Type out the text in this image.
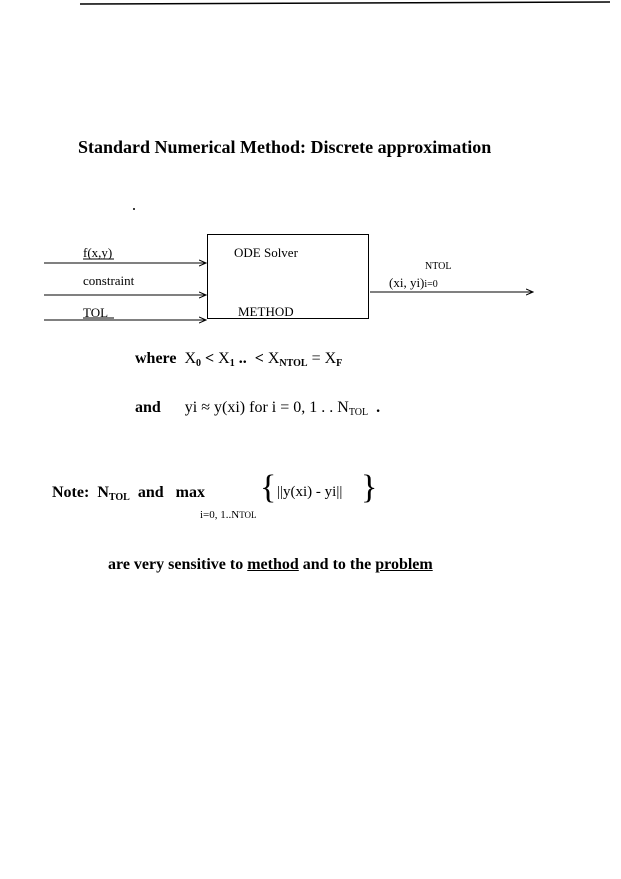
Standard Numerical Method: Discrete approximation
f(x,y)
constraint
TOL
ODE Solver
METHOD
NTOL
(xi, yi)i=0
where $X_0 < X_1$ .. < $X_{NTOL} = X_F$
and yi ≈ y(xi) for i = 0, 1 . . $N_{TOL}$ .
Note: $N_{TOL}$ and max
i=0, 1..NTOL
{ ||y(xi) - yi|| }
are very sensitive to method and to the problem
